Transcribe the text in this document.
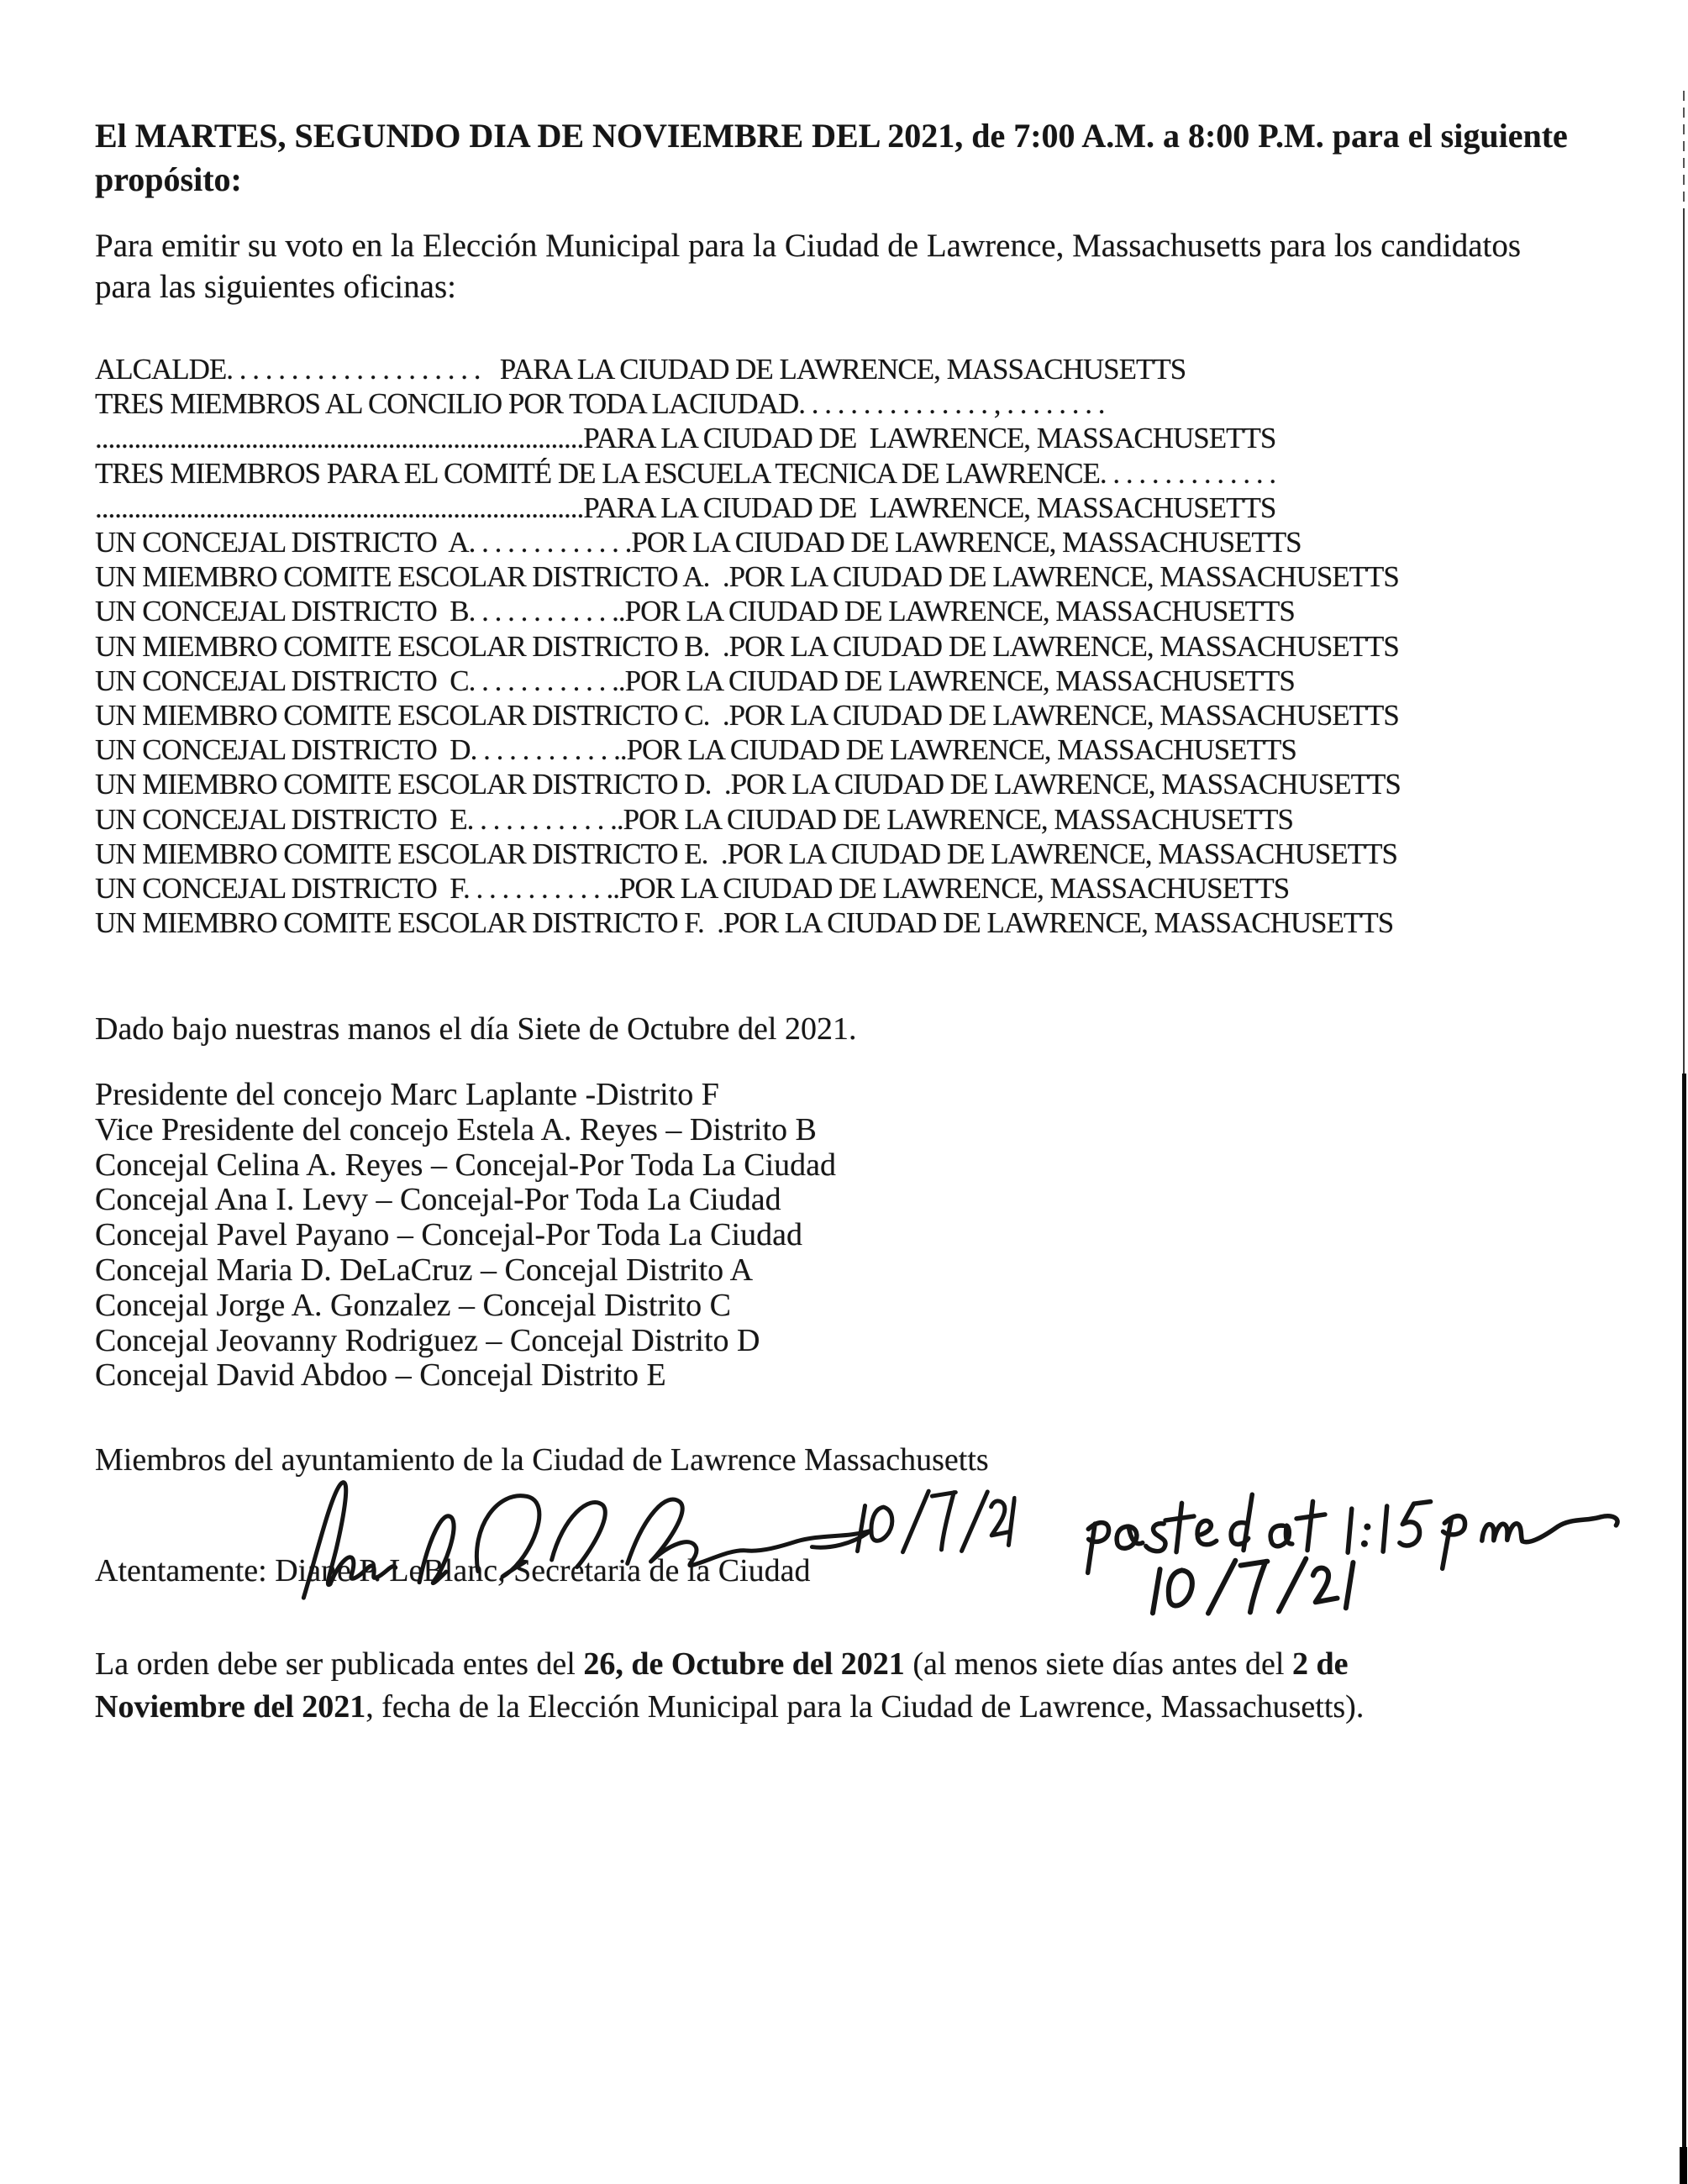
El MARTES, SEGUNDO DIA DE NOVIEMBRE DEL 2021, de 7:00 A.M. a 8:00 P.M. para el siguiente
propósito:
Para emitir su voto en la Elección Municipal para la Ciudad de Lawrence, Massachusetts para los candidatos
para las siguientes oficinas:
ALCALDE. . . . . . . . . . . . . . . . . . . .   PARA LA CIUDAD DE LAWRENCE, MASSACHUSETTS
TRES MIEMBROS AL CONCILIO POR TODA LACIUDAD. . . . . . . . . . . . . . . , . . . . . . . .
...........................................................................PARA LA CIUDAD DE  LAWRENCE, MASSACHUSETTS
TRES MIEMBROS PARA EL COMITÉ DE LA ESCUELA TECNICA DE LAWRENCE. . . . . . . . . . . . . .
...........................................................................PARA LA CIUDAD DE  LAWRENCE, MASSACHUSETTS
UN CONCEJAL DISTRICTO  A. . . . . . . . . . . . .POR LA CIUDAD DE LAWRENCE, MASSACHUSETTS
UN MIEMBRO COMITE ESCOLAR DISTRICTO A.  .POR LA CIUDAD DE LAWRENCE, MASSACHUSETTS
UN CONCEJAL DISTRICTO  B. . . . . . . . . . . ..POR LA CIUDAD DE LAWRENCE, MASSACHUSETTS
UN MIEMBRO COMITE ESCOLAR DISTRICTO B.  .POR LA CIUDAD DE LAWRENCE, MASSACHUSETTS
UN CONCEJAL DISTRICTO  C. . . . . . . . . . . ..POR LA CIUDAD DE LAWRENCE, MASSACHUSETTS
UN MIEMBRO COMITE ESCOLAR DISTRICTO C.  .POR LA CIUDAD DE LAWRENCE, MASSACHUSETTS
UN CONCEJAL DISTRICTO  D. . . . . . . . . . . ..POR LA CIUDAD DE LAWRENCE, MASSACHUSETTS
UN MIEMBRO COMITE ESCOLAR DISTRICTO D.  .POR LA CIUDAD DE LAWRENCE, MASSACHUSETTS
UN CONCEJAL DISTRICTO  E. . . . . . . . . . . ..POR LA CIUDAD DE LAWRENCE, MASSACHUSETTS
UN MIEMBRO COMITE ESCOLAR DISTRICTO E.  .POR LA CIUDAD DE LAWRENCE, MASSACHUSETTS
UN CONCEJAL DISTRICTO  F. . . . . . . . . . . ..POR LA CIUDAD DE LAWRENCE, MASSACHUSETTS
UN MIEMBRO COMITE ESCOLAR DISTRICTO F.  .POR LA CIUDAD DE LAWRENCE, MASSACHUSETTS
Dado bajo nuestras manos el día Siete de Octubre del 2021.
Presidente del concejo Marc Laplante -Distrito F
Vice Presidente del concejo Estela A. Reyes – Distrito B
Concejal Celina A. Reyes – Concejal-Por Toda La Ciudad
Concejal Ana I. Levy – Concejal-Por Toda La Ciudad
Concejal Pavel Payano – Concejal-Por Toda La Ciudad
Concejal Maria D. DeLaCruz – Concejal Distrito A
Concejal Jorge A. Gonzalez – Concejal Distrito C
Concejal Jeovanny Rodriguez – Concejal Distrito D
Concejal David Abdoo – Concejal Distrito E
Miembros del ayuntamiento de la Ciudad de Lawrence Massachusetts
Atentamente: Diane P. LeBlanc, Secretaria de la Ciudad
La orden debe ser publicada entes del 26, de Octubre del 2021 (al menos siete días antes del 2 de
Noviembre del 2021, fecha de la Elección Municipal para la Ciudad de Lawrence, Massachusetts).
